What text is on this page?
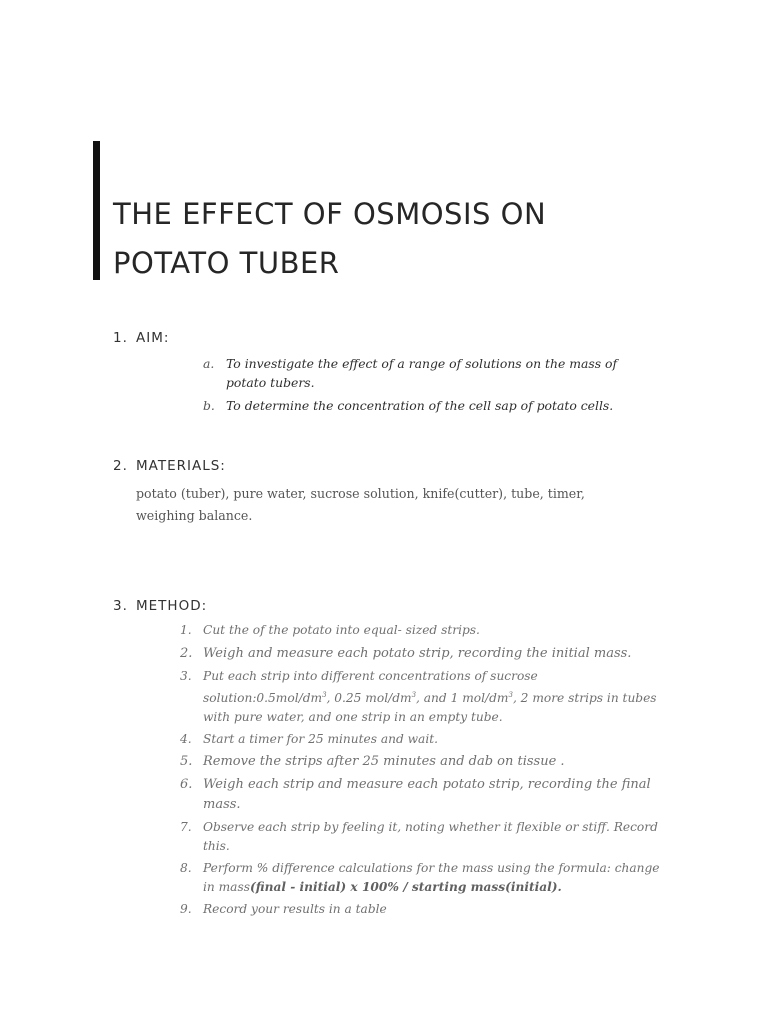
THE EFFECT OF OSMOSIS ON
POTATO TUBER
1. AIM:
a. To investigate the effect of a range of solutions on the mass of potato tubers.
b. To determine the concentration of the cell sap of potato cells.
2. MATERIALS:

potato (tuber), pure water, sucrose solution, knife(cutter), tube, timer, weighing balance.

3. METHOD:
1. Cut the of the potato into equal- sized strips.
2. Weigh and measure each potato strip, recording the initial mass.
3. Put each strip into different concentrations of sucrose $solution:0.5mol/dm^3$, 0.25 mol/$dm^3$, and 1 mol/$dm^3$, 2 more strips in tubes with pure water, and one strip in an empty tube.
4. Start a timer for 25 minutes and wait.
5. Remove the strips after 25 minutes and dab on tissue .
6. Weigh each strip and measure each potato strip, recording the final mass.
7. Observe each strip by feeling it, noting whether it flexible or stiff. Record this.
8. Perform % difference calculations for the mass using the formula: change in mass(final - initial) x 100% / starting mass(initial).
9. Record your results in a table
